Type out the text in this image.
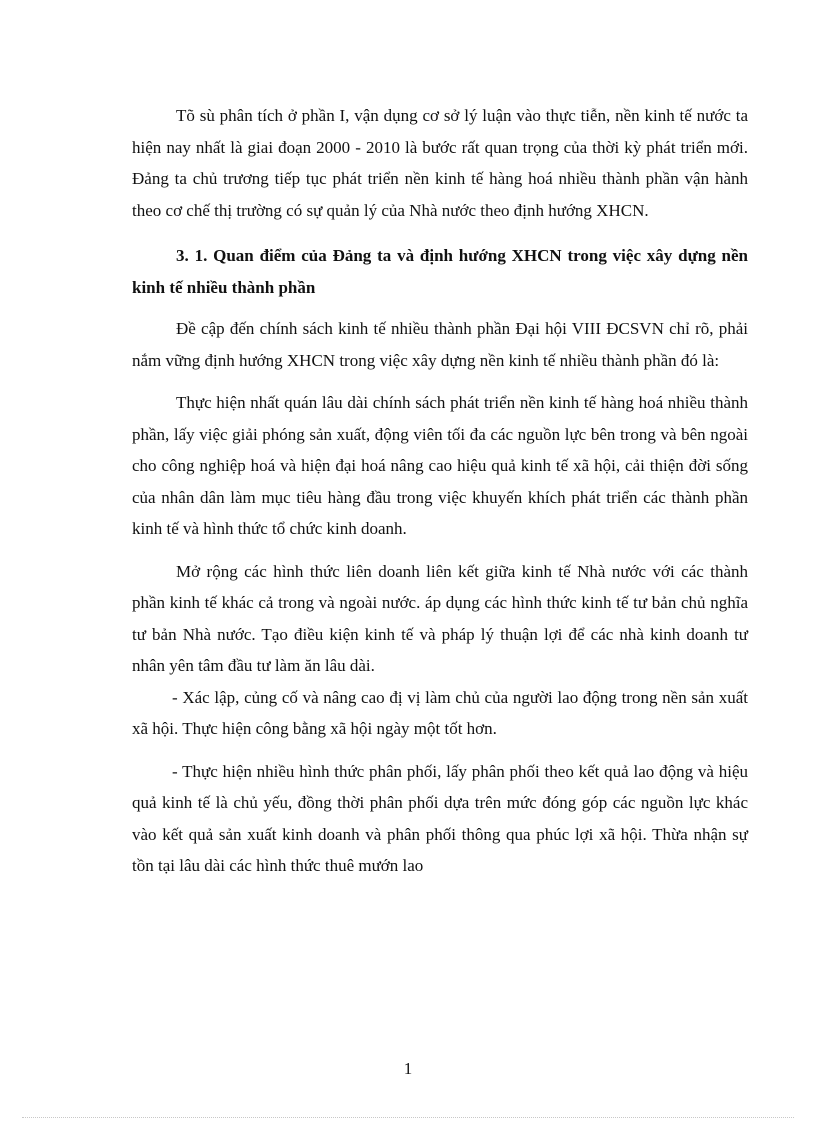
Tõ sù phân tích ở phần I, vận dụng cơ sở lý luận vào thực tiễn, nền kinh tế nước ta hiện nay nhất là giai đoạn 2000 - 2010 là bước rất quan trọng của thời kỳ phát triển mới. Đảng ta chủ trương tiếp tục phát triển nền kinh tế hàng hoá nhiều thành phần vận hành theo cơ chế thị trường có sự quản lý của Nhà nước theo định hướng XHCN.

3. 1. Quan điểm của Đảng ta và định hướng XHCN trong việc xây dựng nền kinh tế nhiều thành phần

Đề cập đến chính sách kinh tế nhiều thành phần Đại hội VIII ĐCSVN chỉ rõ, phải nắm vững định hướng XHCN trong việc xây dựng nền kinh tế nhiều thành phần đó là:

Thực hiện nhất quán lâu dài chính sách phát triển nền kinh tế hàng hoá nhiều thành phần, lấy việc giải phóng sản xuất, động viên tối đa các nguồn lực bên trong và bên ngoài cho công nghiệp hoá và hiện đại hoá nâng cao hiệu quả kinh tế xã hội, cải thiện đời sống của nhân dân làm mục tiêu hàng đầu trong việc khuyến khích phát triển các thành phần kinh tế và hình thức tổ chức kinh doanh.

Mở rộng các hình thức liên doanh liên kết giữa kinh tế Nhà nước với các thành phần kinh tế khác cả trong và ngoài nước. áp dụng các hình thức kinh tế tư bản chủ nghĩa tư bản Nhà nước. Tạo điều kiện kinh tế và pháp lý thuận lợi để các nhà kinh doanh tư nhân yên tâm đầu tư làm ăn lâu dài.

- Xác lập, củng cố và nâng cao đị vị làm chủ của người lao động trong nền sản xuất xã hội. Thực hiện công bằng xã hội ngày một tốt hơn.

- Thực hiện nhiều hình thức phân phối, lấy phân phối theo kết quả lao động và hiệu quả kinh tế là chủ yếu, đồng thời phân phối dựa trên mức đóng góp các nguồn lực khác vào kết quả sản xuất kinh doanh và phân phối thông qua phúc lợi xã hội. Thừa nhận sự tồn tại lâu dài các hình thức thuê mướn lao

1
